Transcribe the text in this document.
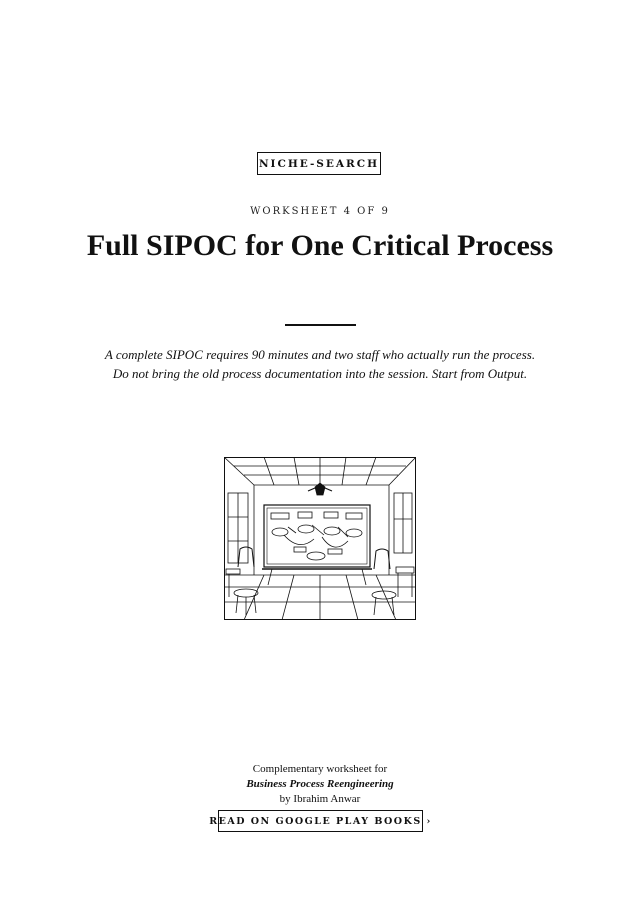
NICHE-SEARCH
WORKSHEET 4 OF 9
Full SIPOC for One Critical Process
A complete SIPOC requires 90 minutes and two staff who actually run the process.
Do not bring the old process documentation into the session. Start from Output.
Complementary worksheet for
Business Process Reengineering
by Ibrahim Anwar
READ ON GOOGLE PLAY BOOKS ›
